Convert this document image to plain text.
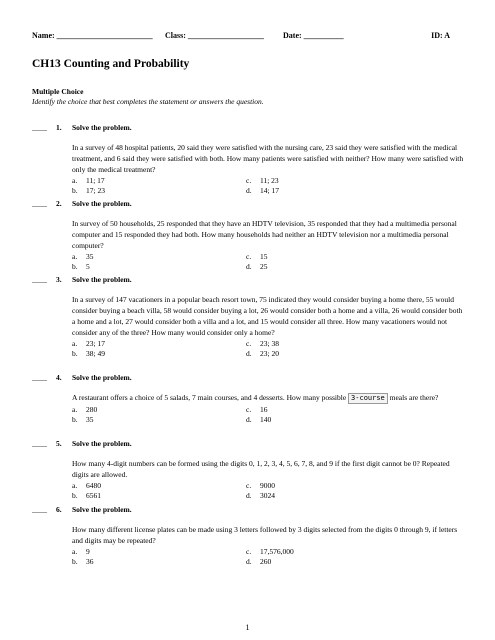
Name: ________________________ Class: ___________________ Date: __________	ID: A
CH13 Counting and Probability
Multiple Choice
Identify the choice that best completes the statement or answers the question.
____ 1. Solve the problem.
In a survey of 48 hospital patients, 20 said they were satisfied with the nursing care, 23 said they were satisfied with the medical treatment, and 6 said they were satisfied with both. How many patients were satisfied with neither? How many were satisfied with only the medical treatment?
a. 11; 17	c. 11; 23
b. 17; 23	d. 14; 17
____ 2. Solve the problem.
In survey of 50 households, 25 responded that they have an HDTV television, 35 responded that they had a multimedia personal computer and 15 responded they had both. How many households had neither an HDTV television nor a multimedia personal computer?
a. 35	c. 15
b. 5	d. 25
____ 3. Solve the problem.
In a survey of 147 vacationers in a popular beach resort town, 75 indicated they would consider buying a home there, 55 would consider buying a beach villa, 58 would consider buying a lot, 26 would consider both a home and a villa, 26 would consider both a home and a lot, 27 would consider both a villa and a lot, and 15 would consider all three. How many vacationers would not consider any of the three? How many would consider only a home?
a. 23; 17	c. 23; 38
b. 38; 49	d. 23; 20
____ 4. Solve the problem.
A restaurant offers a choice of 5 salads, 7 main courses, and 4 desserts. How many possible 3-course meals are there?
a. 280	c. 16
b. 35	d. 140
____ 5. Solve the problem.
How many 4-digit numbers can be formed using the digits 0, 1, 2, 3, 4, 5, 6, 7, 8, and 9 if the first digit cannot be 0? Repeated digits are allowed.
a. 6480	c. 9000
b. 6561	d. 3024
____ 6. Solve the problem.
How many different license plates can be made using 3 letters followed by 3 digits selected from the digits 0 through 9, if letters and digits may be repeated?
a. 9	c. 17,576,000
b. 36	d. 260
1
